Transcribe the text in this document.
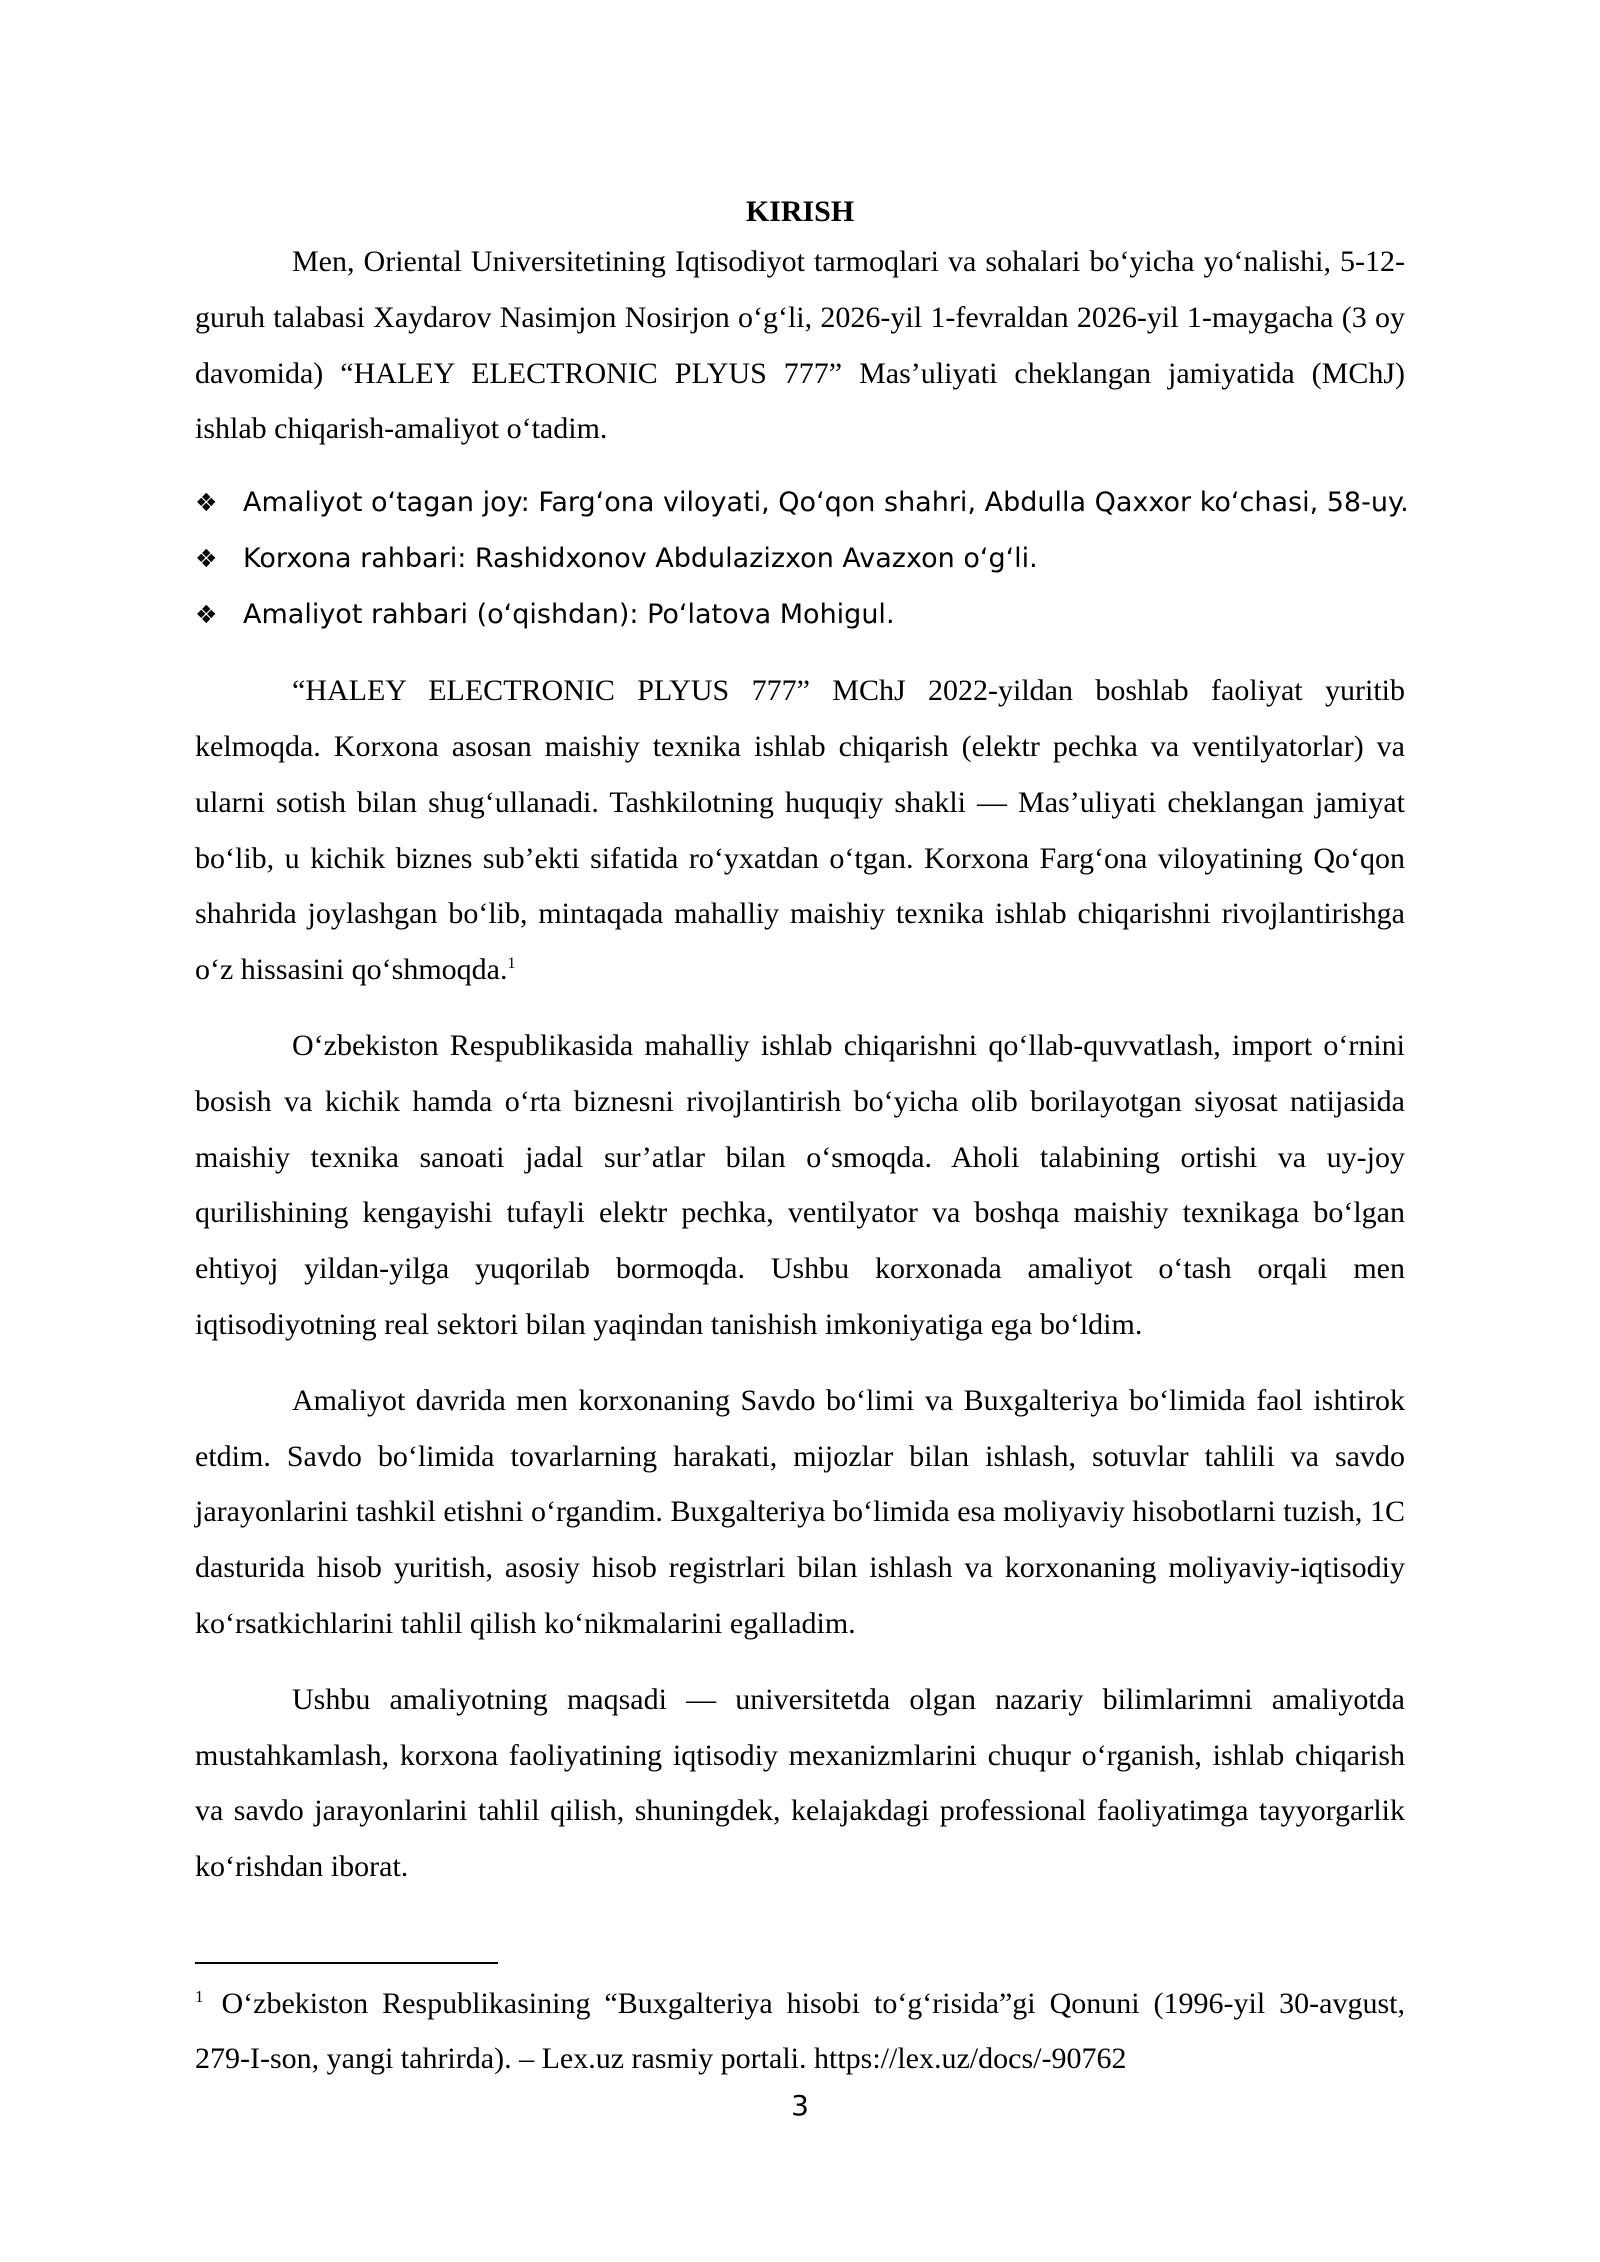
KIRISH

Men, Oriental Universitetining Iqtisodiyot tarmoqlari va sohalari bo‘yicha yo‘nalishi, 5-12-guruh talabasi Xaydarov Nasimjon Nosirjon o‘g‘li, 2026-yil 1-fevraldan 2026-yil 1-maygacha (3 oy davomida) “HALEY ELECTRONIC PLYUS 777” Mas’uliyati cheklangan jamiyatida (MChJ) ishlab chiqarish-amaliyot o‘tadim.

❖ Amaliyot o‘tagan joy: Farg‘ona viloyati, Qo‘qon shahri, Abdulla Qaxxor ko‘chasi, 58-uy.
❖ Korxona rahbari: Rashidxonov Abdulazizxon Avazxon o‘g‘li.
❖ Amaliyot rahbari (o‘qishdan): Po‘latova Mohigul.

“HALEY ELECTRONIC PLYUS 777” MChJ 2022-yildan boshlab faoliyat yuritib kelmoqda. Korxona asosan maishiy texnika ishlab chiqarish (elektr pechka va ventilyatorlar) va ularni sotish bilan shug‘ullanadi. Tashkilotning huquqiy shakli — Mas’uliyati cheklangan jamiyat bo‘lib, u kichik biznes sub’ekti sifatida ro‘yxatdan o‘tgan. Korxona Farg‘ona viloyatining Qo‘qon shahrida joylashgan bo‘lib, mintaqada mahalliy maishiy texnika ishlab chiqarishni rivojlantirishga o‘z hissasini qo‘shmoqda.$^1$

O‘zbekiston Respublikasida mahalliy ishlab chiqarishni qo‘llab-quvvatlash, import o‘rnini bosish va kichik hamda o‘rta biznesni rivojlantirish bo‘yicha olib borilayotgan siyosat natijasida maishiy texnika sanoati jadal sur’atlar bilan o‘smoqda. Aholi talabining ortishi va uy-joy qurilishining kengayishi tufayli elektr pechka, ventilyator va boshqa maishiy texnikaga bo‘lgan ehtiyoj yildan-yilga yuqorilab bormoqda. Ushbu korxonada amaliyot o‘tash orqali men iqtisodiyotning real sektori bilan yaqindan tanishish imkoniyatiga ega bo‘ldim.

Amaliyot davrida men korxonaning Savdo bo‘limi va Buxgalteriya bo‘limida faol ishtirok etdim. Savdo bo‘limida tovarlarning harakati, mijozlar bilan ishlash, sotuvlar tahlili va savdo jarayonlarini tashkil etishni o‘rgandim. Buxgalteriya bo‘limida esa moliyaviy hisobotlarni tuzish, 1C dasturida hisob yuritish, asosiy hisob registrlari bilan ishlash va korxonaning moliyaviy-iqtisodiy ko‘rsatkichlarini tahlil qilish ko‘nikmalarini egalladim.

Ushbu amaliyotning maqsadi — universitetda olgan nazariy bilimlarimni amaliyotda mustahkamlash, korxona faoliyatining iqtisodiy mexanizmlarini chuqur o‘rganish, ishlab chiqarish va savdo jarayonlarini tahlil qilish, shuningdek, kelajakdagi professional faoliyatimga tayyorgarlik ko‘rishdan iborat.

$^1$ O‘zbekiston Respublikasining “Buxgalteriya hisobi to‘g‘risida”gi Qonuni (1996-yil 30-avgust, 279-I-son, yangi tahrirda). – Lex.uz rasmiy portali. https://lex.uz/docs/-90762

3
